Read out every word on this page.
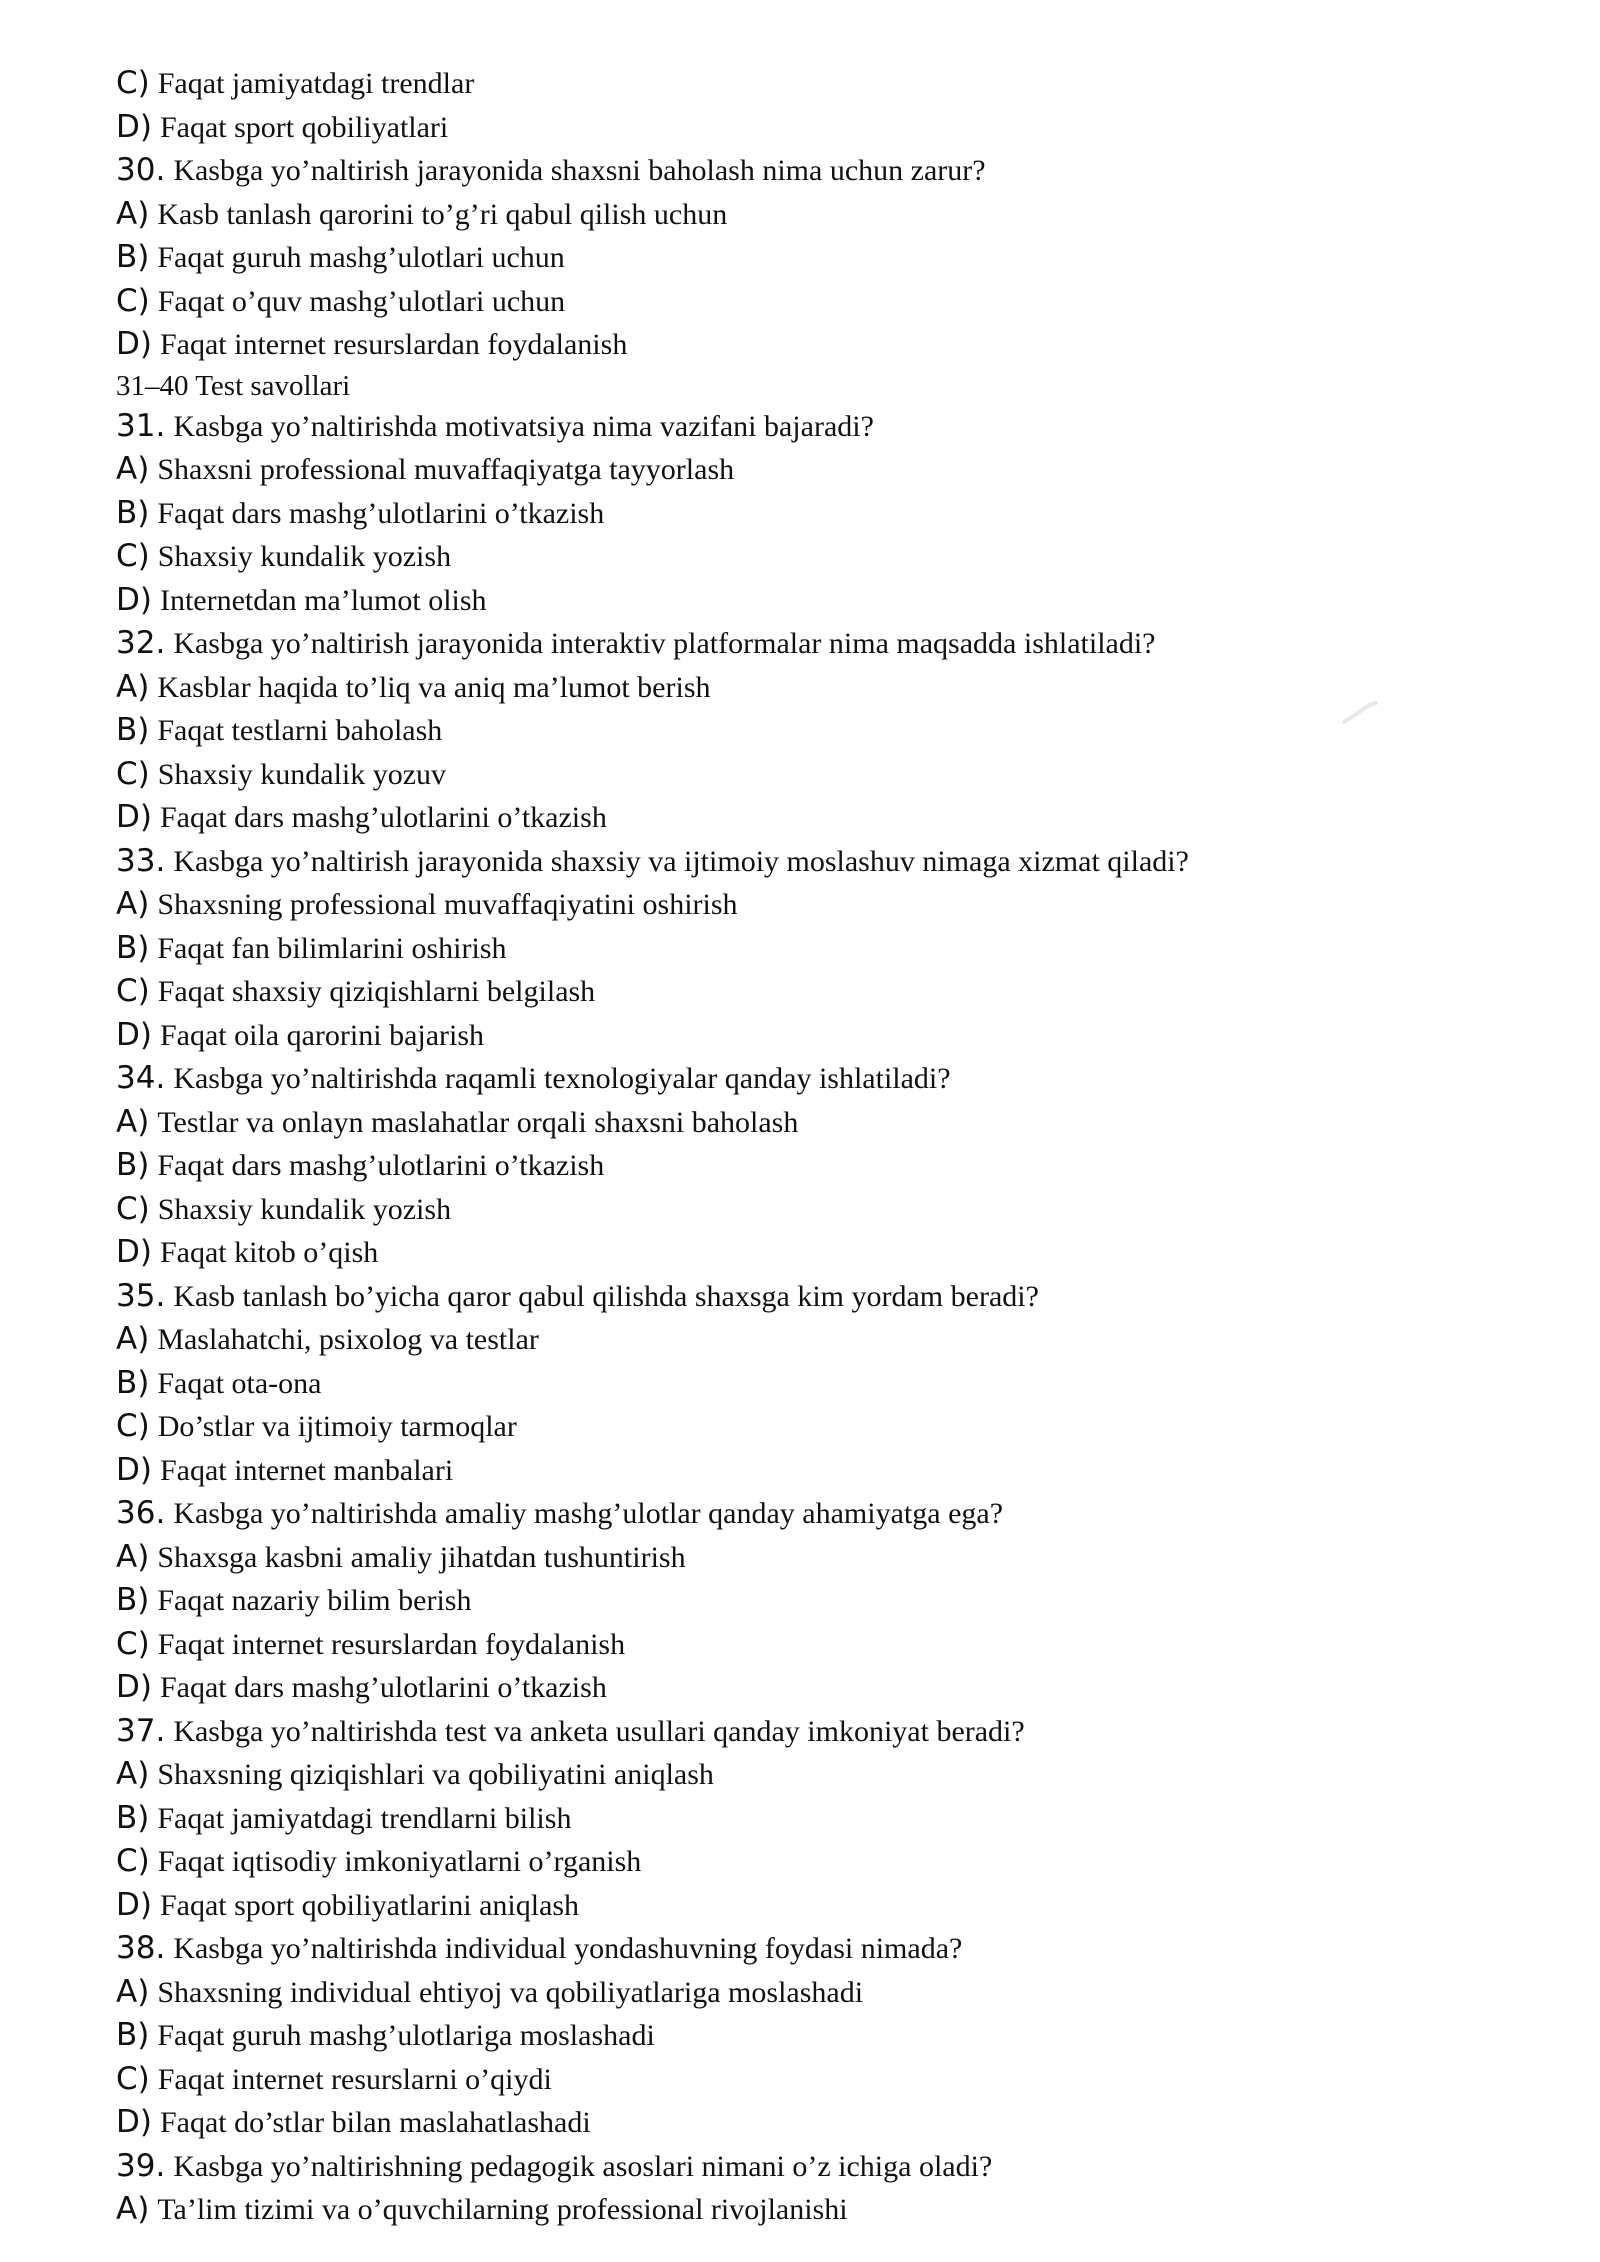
C) Faqat jamiyatdagi trendlar
D) Faqat sport qobiliyatlari
30. Kasbga yo’naltirish jarayonida shaxsni baholash nima uchun zarur?
A) Kasb tanlash qarorini to’g’ri qabul qilish uchun
B) Faqat guruh mashg’ulotlari uchun
C) Faqat o’quv mashg’ulotlari uchun
D) Faqat internet resurslardan foydalanish
31–40 Test savollari
31. Kasbga yo’naltirishda motivatsiya nima vazifani bajaradi?
A) Shaxsni professional muvaffaqiyatga tayyorlash
B) Faqat dars mashg’ulotlarini o’tkazish
C) Shaxsiy kundalik yozish
D) Internetdan ma’lumot olish
32. Kasbga yo’naltirish jarayonida interaktiv platformalar nima maqsadda ishlatiladi?
A) Kasblar haqida to’liq va aniq ma’lumot berish
B) Faqat testlarni baholash
C) Shaxsiy kundalik yozuv
D) Faqat dars mashg’ulotlarini o’tkazish
33. Kasbga yo’naltirish jarayonida shaxsiy va ijtimoiy moslashuv nimaga xizmat qiladi?
A) Shaxsning professional muvaffaqiyatini oshirish
B) Faqat fan bilimlarini oshirish
C) Faqat shaxsiy qiziqishlarni belgilash
D) Faqat oila qarorini bajarish
34. Kasbga yo’naltirishda raqamli texnologiyalar qanday ishlatiladi?
A) Testlar va onlayn maslahatlar orqali shaxsni baholash
B) Faqat dars mashg’ulotlarini o’tkazish
C) Shaxsiy kundalik yozish
D) Faqat kitob o’qish
35. Kasb tanlash bo’yicha qaror qabul qilishda shaxsga kim yordam beradi?
A) Maslahatchi, psixolog va testlar
B) Faqat ota-ona
C) Do’stlar va ijtimoiy tarmoqlar
D) Faqat internet manbalari
36. Kasbga yo’naltirishda amaliy mashg’ulotlar qanday ahamiyatga ega?
A) Shaxsga kasbni amaliy jihatdan tushuntirish
B) Faqat nazariy bilim berish
C) Faqat internet resurslardan foydalanish
D) Faqat dars mashg’ulotlarini o’tkazish
37. Kasbga yo’naltirishda test va anketa usullari qanday imkoniyat beradi?
A) Shaxsning qiziqishlari va qobiliyatini aniqlash
B) Faqat jamiyatdagi trendlarni bilish
C) Faqat iqtisodiy imkoniyatlarni o’rganish
D) Faqat sport qobiliyatlarini aniqlash
38. Kasbga yo’naltirishda individual yondashuvning foydasi nimada?
A) Shaxsning individual ehtiyoj va qobiliyatlariga moslashadi
B) Faqat guruh mashg’ulotlariga moslashadi
C) Faqat internet resurslarni o’qiydi
D) Faqat do’stlar bilan maslahatlashadi
39. Kasbga yo’naltirishning pedagogik asoslari nimani o’z ichiga oladi?
A) Ta’lim tizimi va o’quvchilarning professional rivojlanishi
